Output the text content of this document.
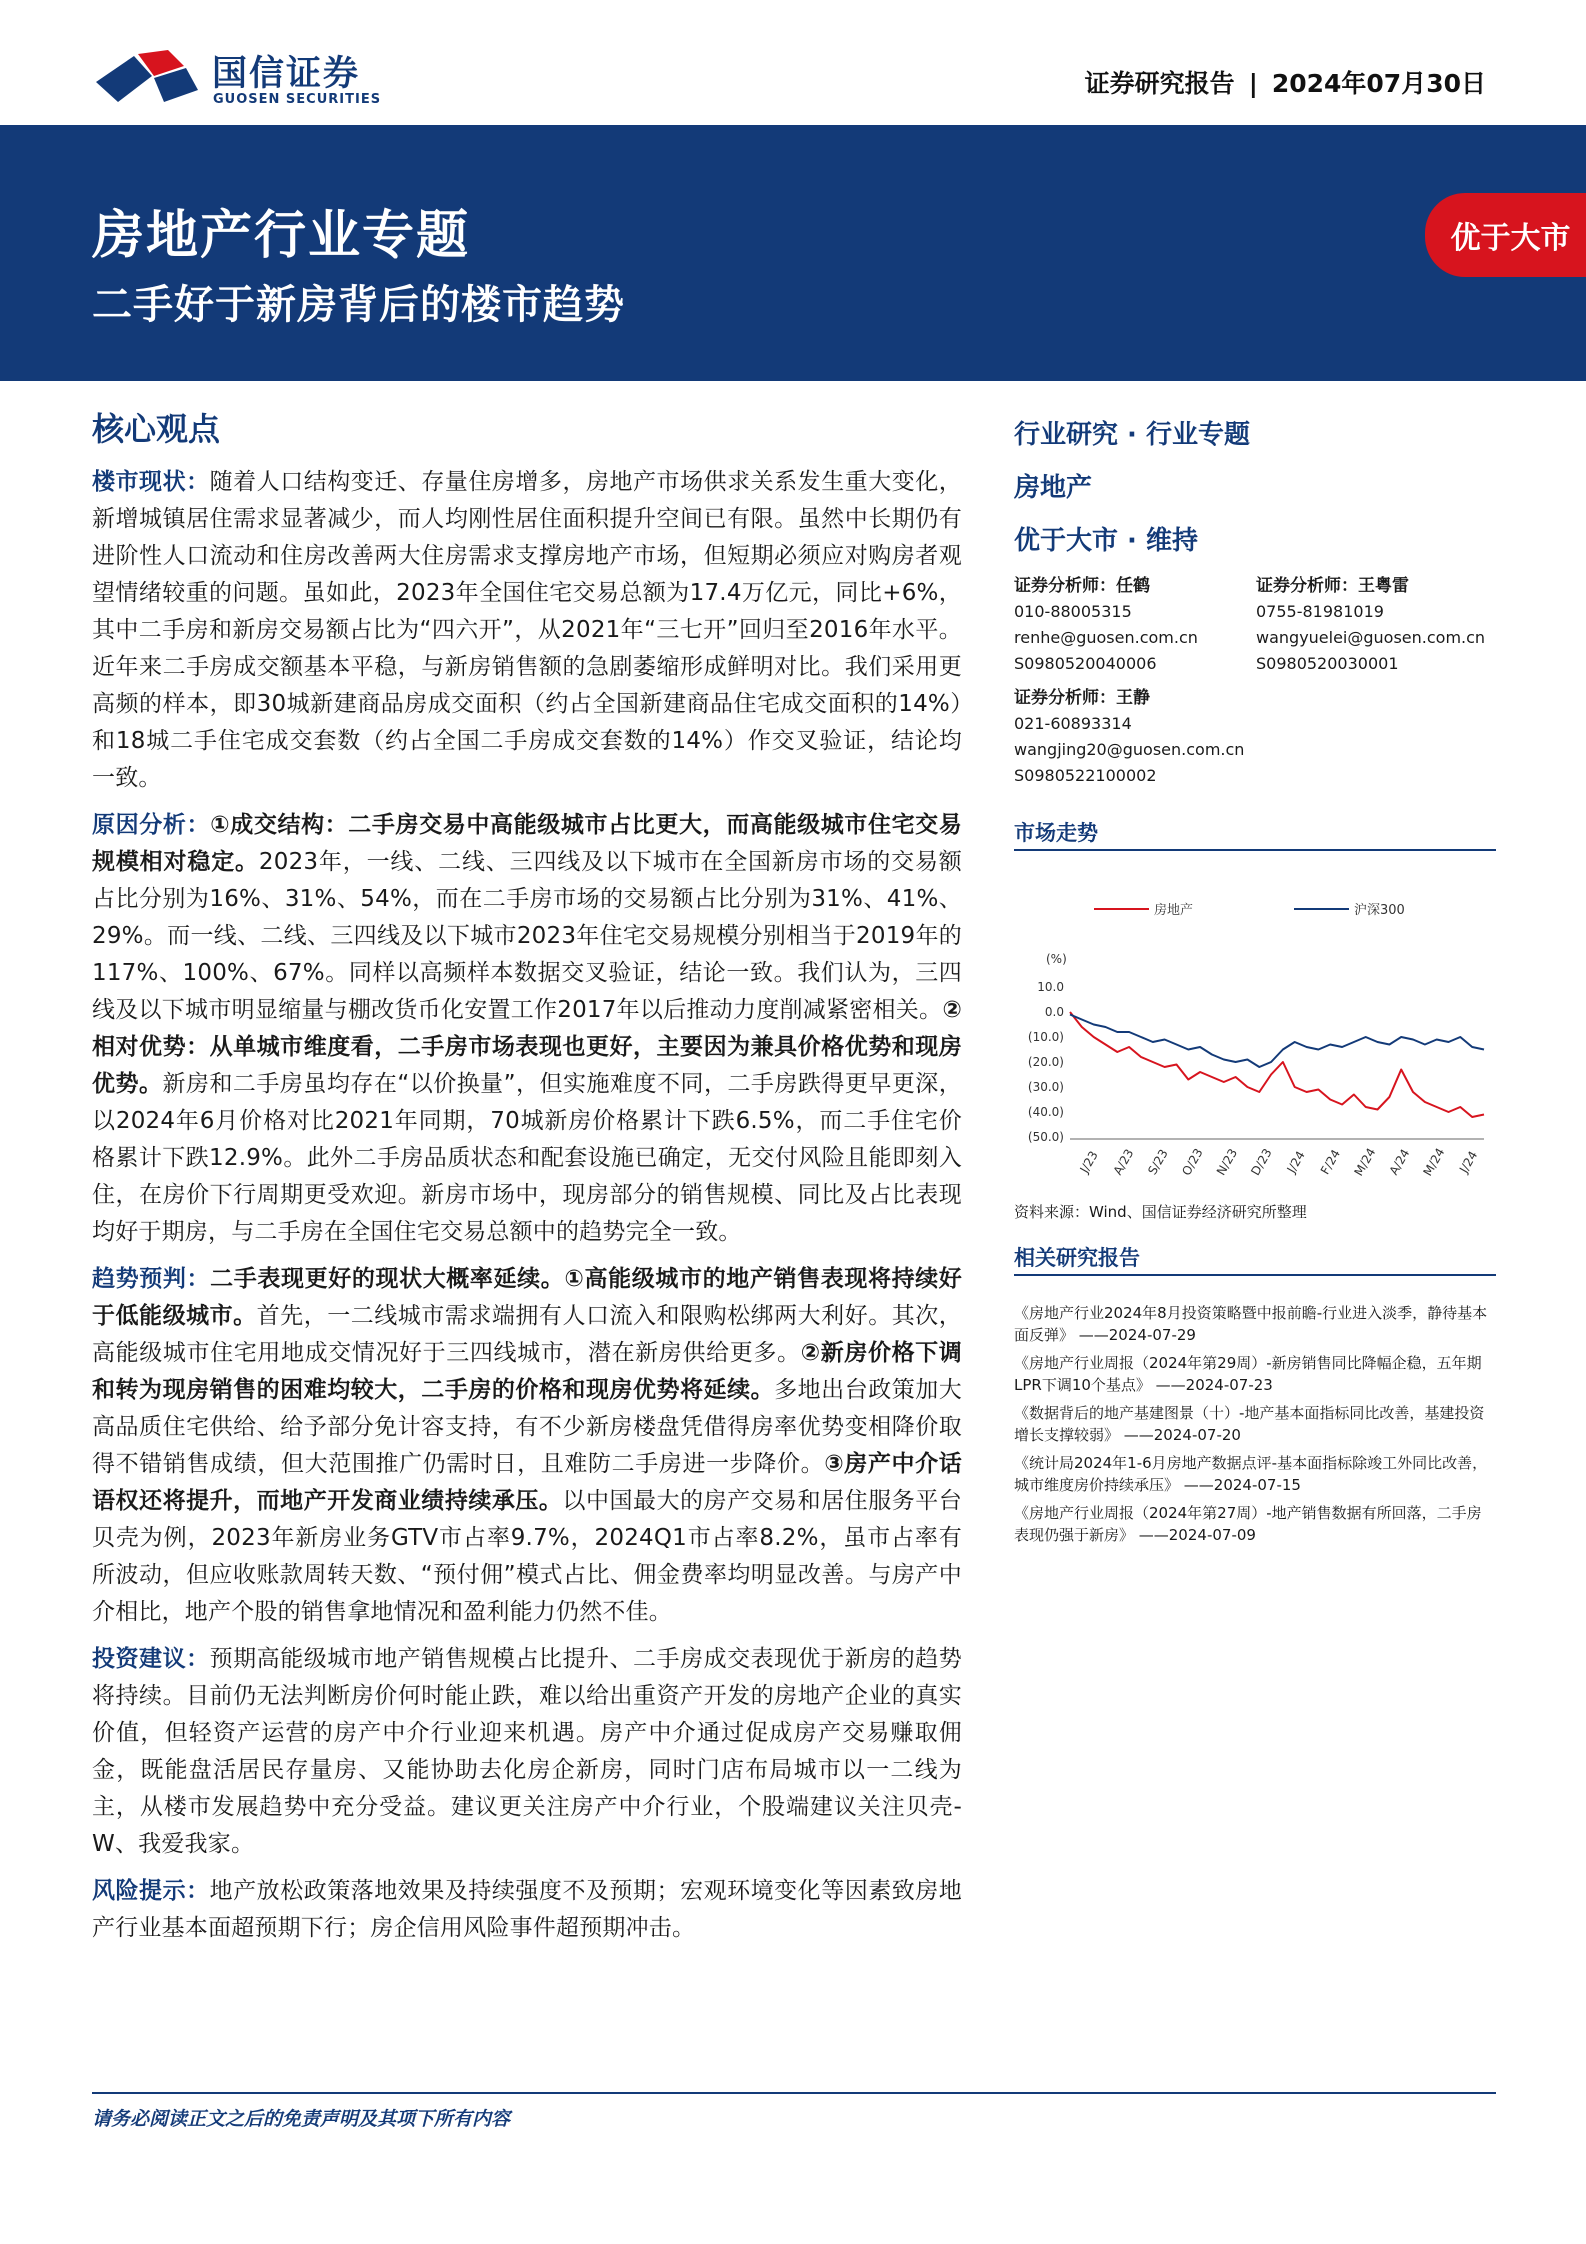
国信证券
GUOSEN SECURITIES
证券研究报告 | 2024年07月30日
房地产行业专题
二手好于新房背后的楼市趋势
优于大市
核心观点

楼市现状：随着人口结构变迁、存量住房增多，房地产市场供求关系发生重大变化，新增城镇居住需求显著减少，而人均刚性居住面积提升空间已有限。虽然中长期仍有进阶性人口流动和住房改善两大住房需求支撑房地产市场，但短期必须应对购房者观望情绪较重的问题。虽如此，2023年全国住宅交易总额为17.4万亿元，同比+6%，其中二手房和新房交易额占比为“四六开”，从2021年“三七开”回归至2016年水平。近年来二手房成交额基本平稳，与新房销售额的急剧萎缩形成鲜明对比。我们采用更高频的样本，即30城新建商品房成交面积（约占全国新建商品住宅成交面积的14%）和18城二手住宅成交套数（约占全国二手房成交套数的14%）作交叉验证，结论均一致。

原因分析：①成交结构：二手房交易中高能级城市占比更大，而高能级城市住宅交易规模相对稳定。2023年，一线、二线、三四线及以下城市在全国新房市场的交易额占比分别为16%、31%、54%，而在二手房市场的交易额占比分别为31%、41%、29%。而一线、二线、三四线及以下城市2023年住宅交易规模分别相当于2019年的117%、100%、67%。同样以高频样本数据交叉验证，结论一致。我们认为，三四线及以下城市明显缩量与棚改货币化安置工作2017年以后推动力度削减紧密相关。②相对优势：从单城市维度看，二手房市场表现也更好，主要因为兼具价格优势和现房优势。新房和二手房虽均存在“以价换量”，但实施难度不同，二手房跌得更早更深，以2024年6月价格对比2021年同期，70城新房价格累计下跌6.5%，而二手住宅价格累计下跌12.9%。此外二手房品质状态和配套设施已确定，无交付风险且能即刻入住，在房价下行周期更受欢迎。新房市场中，现房部分的销售规模、同比及占比表现均好于期房，与二手房在全国住宅交易总额中的趋势完全一致。

趋势预判：二手表现更好的现状大概率延续。①高能级城市的地产销售表现将持续好于低能级城市。首先，一二线城市需求端拥有人口流入和限购松绑两大利好。其次，高能级城市住宅用地成交情况好于三四线城市，潜在新房供给更多。②新房价格下调和转为现房销售的困难均较大，二手房的价格和现房优势将延续。多地出台政策加大高品质住宅供给、给予部分免计容支持，有不少新房楼盘凭借得房率优势变相降价取得不错销售成绩，但大范围推广仍需时日，且难防二手房进一步降价。③房产中介话语权还将提升，而地产开发商业绩持续承压。以中国最大的房产交易和居住服务平台贝壳为例，2023年新房业务GTV市占率9.7%，2024Q1市占率8.2%，虽市占率有所波动，但应收账款周转天数、“预付佣”模式占比、佣金费率均明显改善。与房产中介相比，地产个股的销售拿地情况和盈利能力仍然不佳。

投资建议：预期高能级城市地产销售规模占比提升、二手房成交表现优于新房的趋势将持续。目前仍无法判断房价何时能止跌，难以给出重资产开发的房地产企业的真实价值，但轻资产运营的房产中介行业迎来机遇。房产中介通过促成房产交易赚取佣金，既能盘活居民存量房、又能协助去化房企新房，同时门店布局城市以一二线为主，从楼市发展趋势中充分受益。建议更关注房产中介行业，个股端建议关注贝壳-W、我爱我家。

风险提示：地产放松政策落地效果及持续强度不及预期；宏观环境变化等因素致房地产行业基本面超预期下行；房企信用风险事件超预期冲击。

行业研究 · 行业专题
房地产
优于大市 · 维持
证券分析师：任鹤
010-88005315
renhe@guosen.com.cn
S0980520040006
证券分析师：王粤雷
0755-81981019
wangyuelei@guosen.com.cn
S0980520030001
证券分析师：王静
021-60893314
wangjing20@guosen.com.cn
S0980522100002
市场走势
房地产	沪深300
(%)
10.0
0.0
(10.0)
(20.0)
(30.0)
(40.0)
(50.0)
J/23 A/23 S/23 O/23 N/23 D/23 J/24 F/24 M/24 A/24 M/24 J/24
资料来源：Wind、国信证券经济研究所整理
相关研究报告
《房地产行业2024年8月投资策略暨中报前瞻-行业进入淡季，静待基本面反弹》 ——2024-07-29
《房地产行业周报（2024年第29周）-新房销售同比降幅企稳，五年期LPR下调10个基点》 ——2024-07-23
《数据背后的地产基建图景（十）-地产基本面指标同比改善，基建投资增长支撑较弱》 ——2024-07-20
《统计局2024年1-6月房地产数据点评-基本面指标除竣工外同比改善，城市维度房价持续承压》 ——2024-07-15
《房地产行业周报（2024年第27周）-地产销售数据有所回落，二手房表现仍强于新房》 ——2024-07-09
请务必阅读正文之后的免责声明及其项下所有内容
